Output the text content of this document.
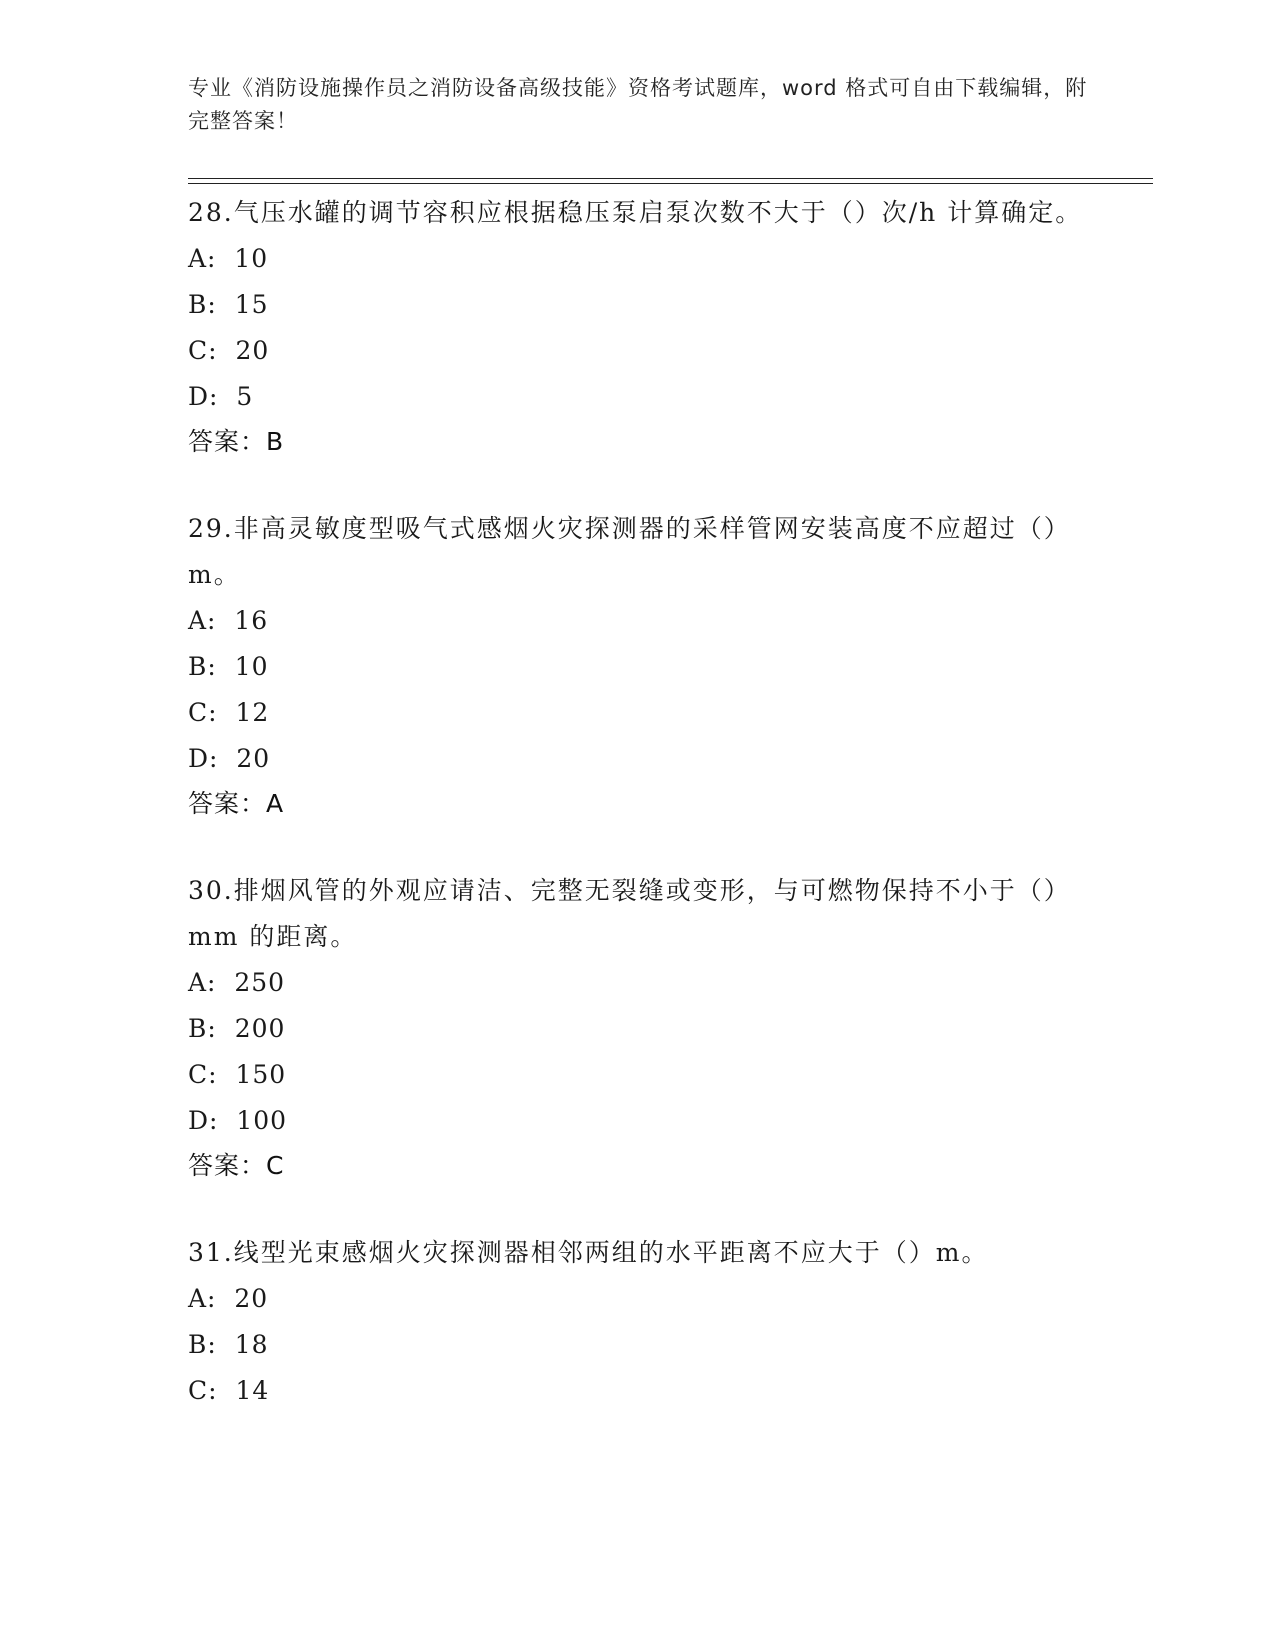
专业《消防设施操作员之消防设备高级技能》资格考试题库，word 格式可自由下载编辑，附完整答案！
28.气压水罐的调节容积应根据稳压泵启泵次数不大于（）次/h 计算确定。
A:  10
B:  15
C:  20
D:  5
答案：B
29.非高灵敏度型吸气式感烟火灾探测器的采样管网安装高度不应超过（）m。
A:  16
B:  10
C:  12
D:  20
答案：A
30.排烟风管的外观应请洁、完整无裂缝或变形，与可燃物保持不小于（）mm 的距离。
A:  250
B:  200
C:  150
D:  100
答案：C
31.线型光束感烟火灾探测器相邻两组的水平距离不应大于（）m。
A:  20
B:  18
C:  14
